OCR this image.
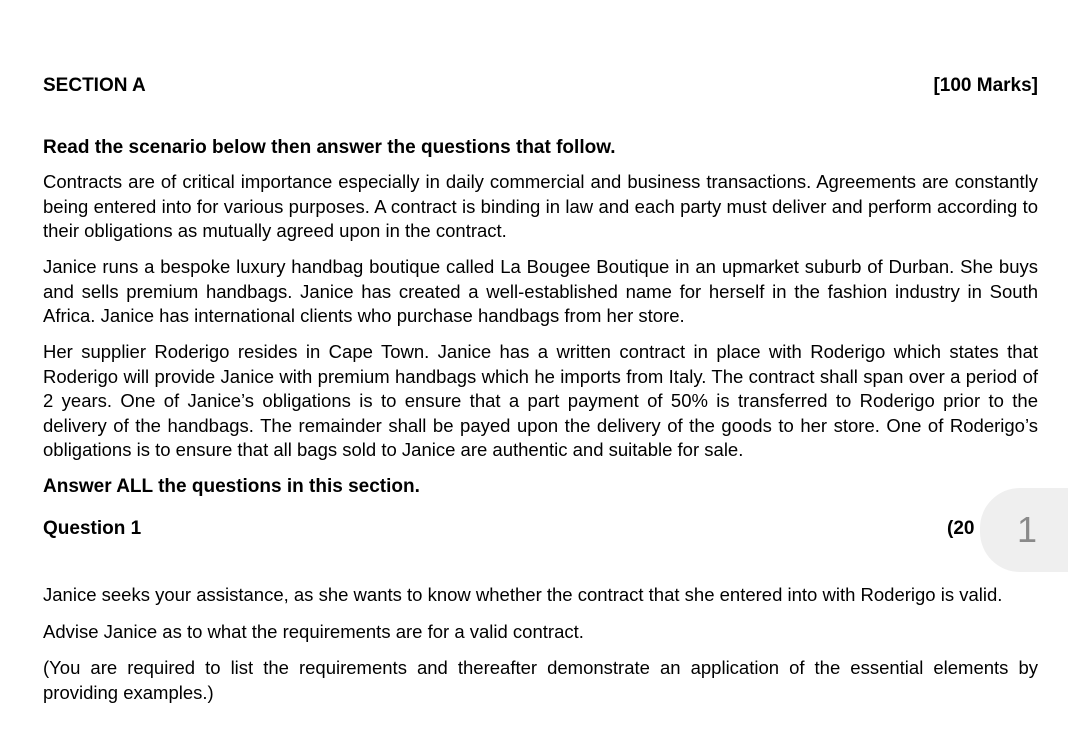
SECTION A	[100 Marks]
Read the scenario below then answer the questions that follow.

Contracts are of critical importance especially in daily commercial and business transactions. Agreements are constantly being entered into for various purposes. A contract is binding in law and each party must deliver and perform according to their obligations as mutually agreed upon in the contract.

Janice runs a bespoke luxury handbag boutique called La Bougee Boutique in an upmarket suburb of Durban. She buys and sells premium handbags. Janice has created a well-established name for herself in the fashion industry in South Africa. Janice has international clients who purchase handbags from her store.

Her supplier Roderigo resides in Cape Town. Janice has a written contract in place with Roderigo which states that Roderigo will provide Janice with premium handbags which he imports from Italy. The contract shall span over a period of 2 years. One of Janice’s obligations is to ensure that a part payment of 50% is transferred to Roderigo prior to the delivery of the handbags. The remainder shall be payed upon the delivery of the goods to her store. One of Roderigo’s obligations is to ensure that all bags sold to Janice are authentic and suitable for sale.

Answer ALL the questions in this section.
Question 1	(20
Janice seeks your assistance, as she wants to know whether the contract that she entered into with Roderigo is valid.
Advise Janice as to what the requirements are for a valid contract.
(You are required to list the requirements and thereafter demonstrate an application of the essential elements by providing examples.)
1
